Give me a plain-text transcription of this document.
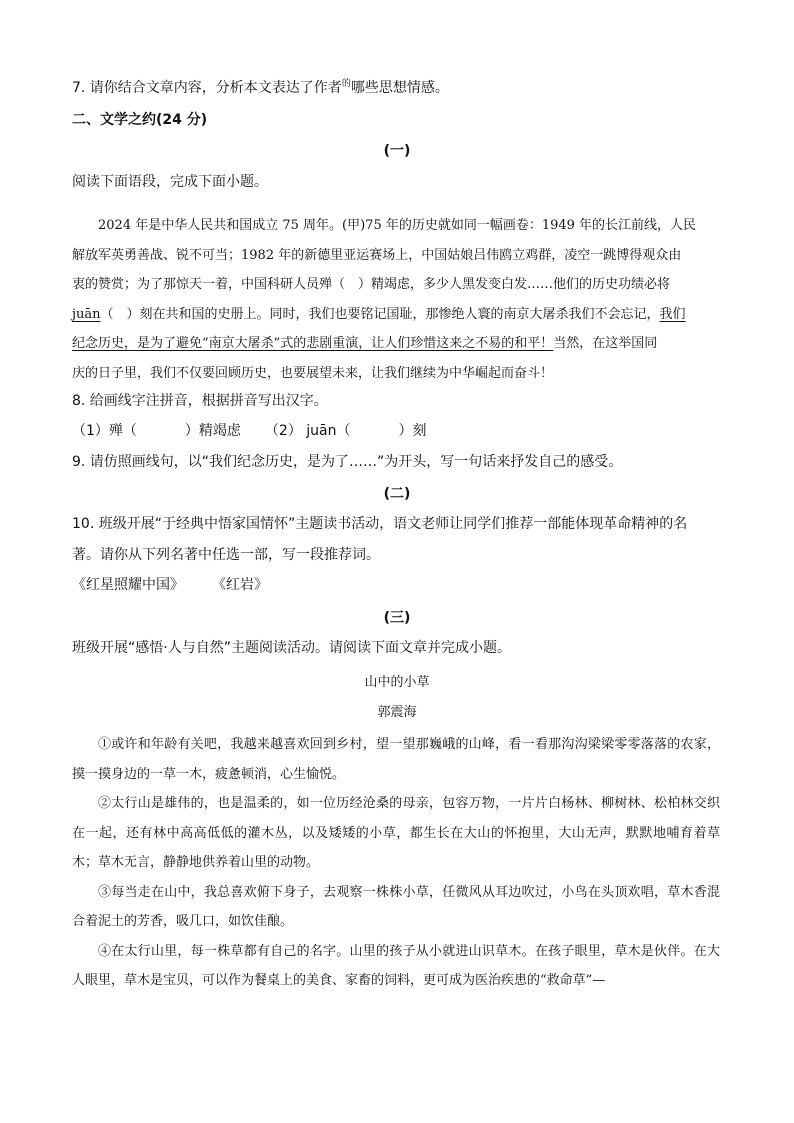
7. 请你结合文章内容，分析本文表达了作者$^的$哪些思想情感。
二、文学之约(24 分)
(一)
阅读下面语段，完成下面小题。
2024 年是中华人民共和国成立 75 周年。(甲)75 年的历史就如同一幅画卷：1949 年的长江前线，人民
解放军英勇善战、锐不可当；1982 年的新德里亚运赛场上，中国姑娘吕伟鸥立鸡群，凌空一跳博得观众由
衷的赞赏；为了那惊天一着，中国科研人员殚（　）精竭虑，多少人黑发变白发……他们的历史功绩必将
juān（　）刻在共和国的史册上。同时，我们也要铭记国耻，那惨绝人寰的南京大屠杀我们不会忘记，我们
纪念历史，是为了避免“南京大屠杀”式的悲剧重演，让人们珍惜这来之不易的和平！当然，在这举国同
庆的日子里，我们不仅要回顾历史，也要展望未来，让我们继续为中华崛起而奋斗！
8. 给画线字注拼音，根据拼音写出汉字。
（1）殚（	）精竭虑 （2） juān（	）刻
9. 请仿照画线句，以“我们纪念历史，是为了……”为开头，写一句话来抒发自己的感受。
(二)
10. 班级开展“于经典中悟家国情怀”主题读书活动，语文老师让同学们推荐一部能体现革命精神的名
著。请你从下列名著中任选一部，写一段推荐词。
《红星照耀中国》 《红岩》
(三)
班级开展“感悟·人与自然”主题阅读活动。请阅读下面文章并完成小题。
山中的小草
郭震海

①或许和年龄有关吧，我越来越喜欢回到乡村，望一望那巍峨的山峰，看一看那沟沟梁梁零零落落的农家，摸一摸身边的一草一木，疲惫顿消，心生愉悦。

②太行山是雄伟的，也是温柔的，如一位历经沧桑的母亲，包容万物，一片片白杨林、柳树林、松柏林交织在一起，还有林中高高低低的灌木丛，以及矮矮的小草，都生长在大山的怀抱里，大山无声，默默地哺育着草木；草木无言，静静地供养着山里的动物。

③每当走在山中，我总喜欢俯下身子，去观察一株株小草，任微风从耳边吹过，小鸟在头顶欢唱，草木香混合着泥土的芳香，吸几口，如饮佳酿。

④在太行山里，每一株草都有自己的名字。山里的孩子从小就进山识草木。在孩子眼里，草木是伙伴。在大人眼里，草木是宝贝，可以作为餐桌上的美食、家畜的饲料，更可成为医治疾患的“救命草”—
